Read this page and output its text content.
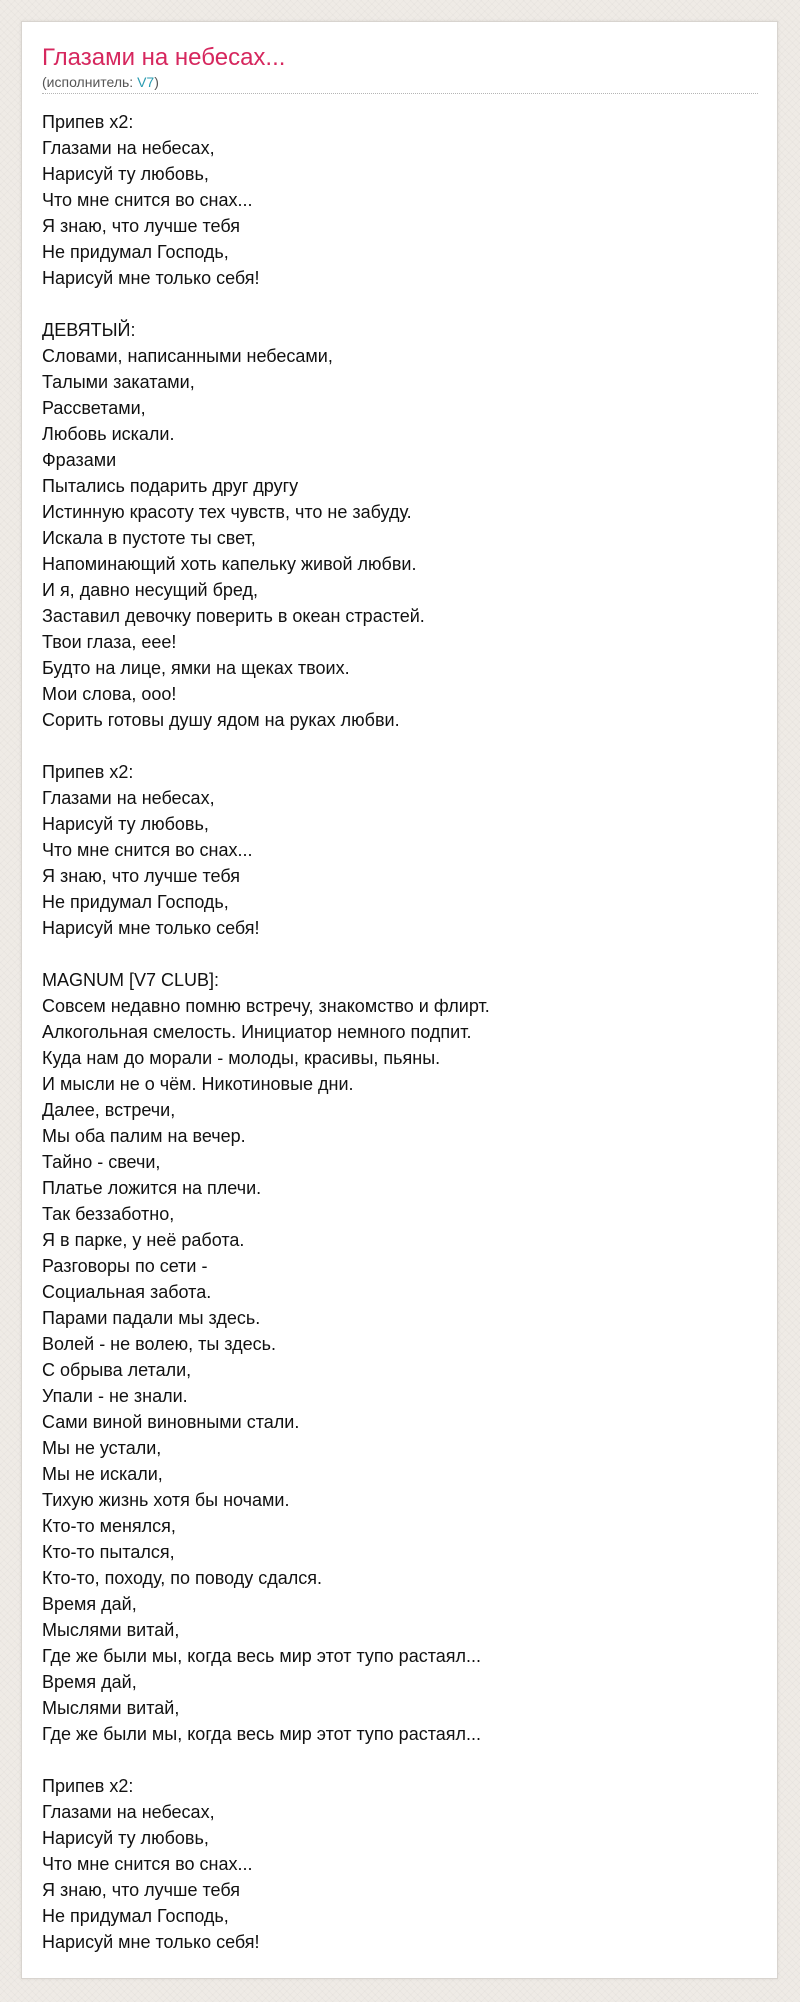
Глазами на небесах...
(исполнитель: V7)
Припев х2:
Глазами на небесах,
Нарисуй ту любовь,
Что мне снится во снах...
Я знаю, что лучше тебя
Не придумал Господь,
Нарисуй мне только себя!
ДЕВЯТЫЙ:
Словами, написанными небесами,
Талыми закатами,
Рассветами,
Любовь искали.
Фразами
Пытались подарить друг другу
Истинную красоту тех чувств, что не забуду.
Искала в пустоте ты свет,
Напоминающий хоть капельку живой любви.
И я, давно несущий бред,
Заставил девочку поверить в океан страстей.
Твои глаза, еее!
Будто на лице, ямки на щеках твоих.
Мои слова, ооо!
Сорить готовы душу ядом на руках любви.
Припев х2:
Глазами на небесах,
Нарисуй ту любовь,
Что мне снится во снах...
Я знаю, что лучше тебя
Не придумал Господь,
Нарисуй мне только себя!
MAGNUM [V7 CLUB]:
Совсем недавно помню встречу, знакомство и флирт.
Алкогольная смелость. Инициатор немного подпит.
Куда нам до морали - молоды, красивы, пьяны.
И мысли не о чём. Никотиновые дни.
Далее, встречи,
Мы оба палим на вечер.
Тайно - свечи,
Платье ложится на плечи.
Так беззаботно,
Я в парке, у неё работа.
Разговоры по сети -
Социальная забота.
Парами падали мы здесь.
Волей - не волею, ты здесь.
С обрыва летали,
Упали - не знали.
Сами виной виновными стали.
Мы не устали,
Мы не искали,
Тихую жизнь хотя бы ночами.
Кто-то менялся,
Кто-то пытался,
Кто-то, походу, по поводу сдался.
Время дай,
Мыслями витай,
Где же были мы, когда весь мир этот тупо растаял...
Время дай,
Мыслями витай,
Где же были мы, когда весь мир этот тупо растаял...
Припев х2:
Глазами на небесах,
Нарисуй ту любовь,
Что мне снится во снах...
Я знаю, что лучше тебя
Не придумал Господь,
Нарисуй мне только себя!
